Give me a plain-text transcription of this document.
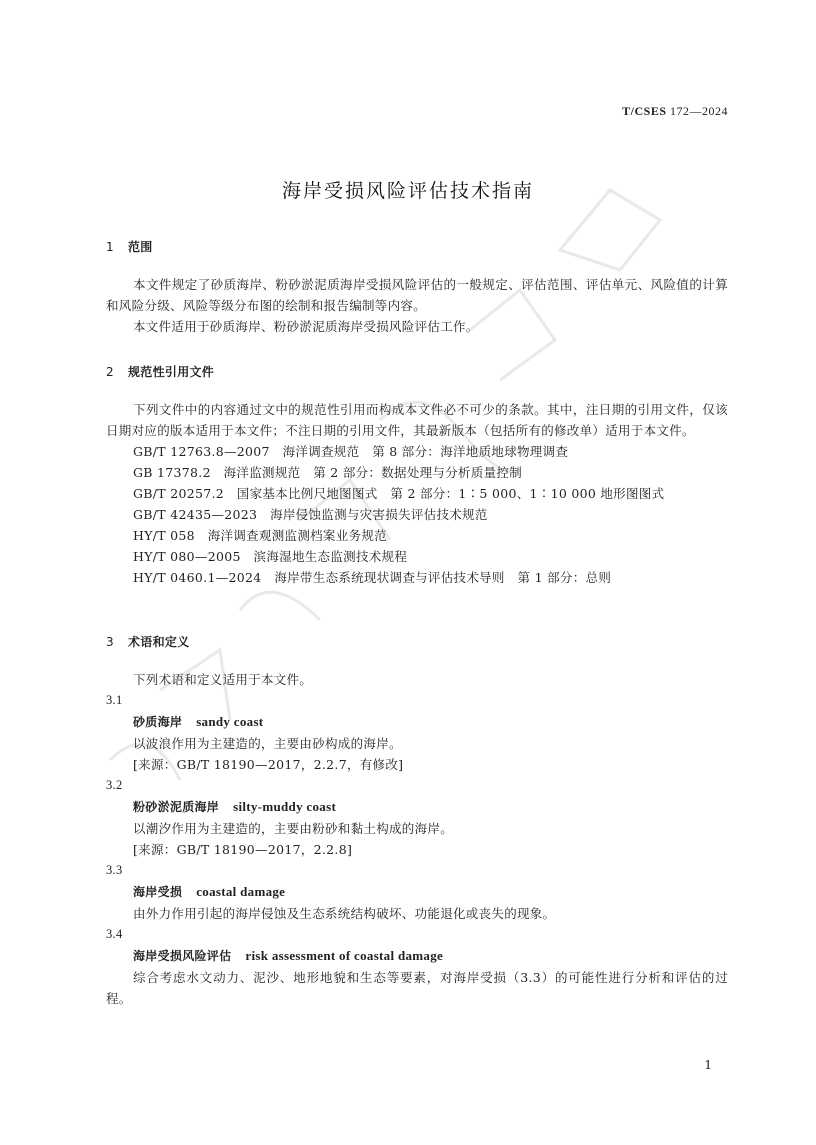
T/CSES 172—2024
海岸受损风险评估技术指南
1 范围
本文件规定了砂质海岸、粉砂淤泥质海岸受损风险评估的一般规定、评估范围、评估单元、风险值的计算和风险分级、风险等级分布图的绘制和报告编制等内容。
本文件适用于砂质海岸、粉砂淤泥质海岸受损风险评估工作。
2 规范性引用文件
下列文件中的内容通过文中的规范性引用而构成本文件必不可少的条款。其中，注日期的引用文件，仅该日期对应的版本适用于本文件；不注日期的引用文件，其最新版本（包括所有的修改单）适用于本文件。
GB/T 12763.8—2007　海洋调查规范　第 8 部分：海洋地质地球物理调查
GB 17378.2　海洋监测规范　第 2 部分：数据处理与分析质量控制
GB/T 20257.2　国家基本比例尺地图图式　第 2 部分：1∶5 000、1∶10 000 地形图图式
GB/T 42435—2023　海岸侵蚀监测与灾害损失评估技术规范
HY/T 058　海洋调查观测监测档案业务规范
HY/T 080—2005　滨海湿地生态监测技术规程
HY/T 0460.1—2024　海岸带生态系统现状调查与评估技术导则　第 1 部分：总则
3 术语和定义
下列术语和定义适用于本文件。
3.1
砂质海岸 sandy coast
以波浪作用为主建造的，主要由砂构成的海岸。
[来源：GB/T 18190—2017，2.2.7，有修改]
3.2
粉砂淤泥质海岸 silty-muddy coast
以潮汐作用为主建造的，主要由粉砂和黏土构成的海岸。
[来源：GB/T 18190—2017，2.2.8]
3.3
海岸受损 coastal damage
由外力作用引起的海岸侵蚀及生态系统结构破坏、功能退化或丧失的现象。
3.4
海岸受损风险评估 risk assessment of coastal damage
综合考虑水文动力、泥沙、地形地貌和生态等要素，对海岸受损（3.3）的可能性进行分析和评估的过程。
1
